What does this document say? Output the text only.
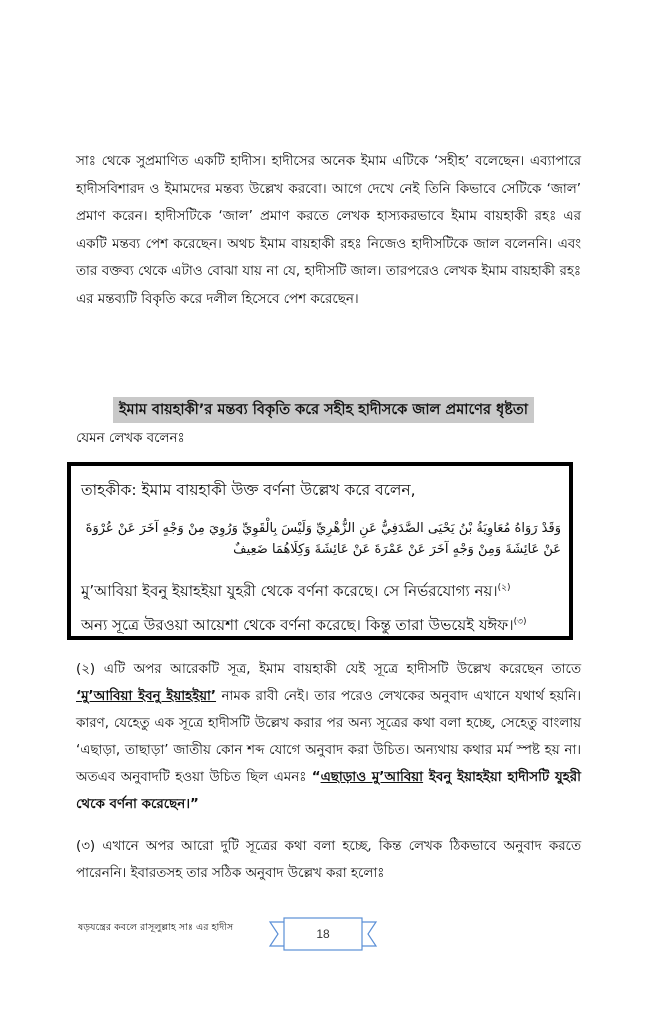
সাঃ থেকে সুপ্রমাণিত একটি হাদীস। হাদীসের অনেক ইমাম এটিকে ‘সহীহ’ বলেছেন। এব্যাপারে হাদীসবিশারদ ও ইমামদের মন্তব্য উল্লেখ করবো। আগে দেখে নেই তিনি কিভাবে সেটিকে ‘জাল’ প্রমাণ করেন। হাদীসটিকে ‘জাল’ প্রমাণ করতে লেখক হাস্যকরভাবে ইমাম বায়হাকী রহঃ এর একটি মন্তব্য পেশ করেছেন। অথচ ইমাম বায়হাকী রহঃ নিজেও হাদীসটিকে জাল বলেননি। এবং তার বক্তব্য থেকে এটাও বোঝা যায় না যে, হাদীসটি জাল। তারপরেও লেখক ইমাম বায়হাকী রহঃ এর মন্তব্যটি বিকৃতি করে দলীল হিসেবে পেশ করেছেন।
ইমাম বায়হাকী’র মন্তব্য বিকৃতি করে সহীহ হাদীসকে জাল প্রমাণের ধৃষ্টতা
যেমন লেখক বলেনঃ
তাহকীক: ইমাম বায়হাকী উক্ত বর্ণনা উল্লেখ করে বলেন,
وَقَدْ رَوَاهُ مُعَاوِيَةُ بْنُ يَحْيَى الصَّدَفِيُّ عَنِ الزُّهْرِيِّ وَلَيْسَ بِالْقَوِيِّ وَرُوِيَ مِنْ وَجْهٍ آخَرَ عَنْ عُرْوَةَ عَنْ عَائِشَةَ وَمِنْ وَجْهٍ آخَرَ عَنْ عَمْرَةَ عَنْ عَائِشَةَ وَكِلَاهُمَا ضَعِيفٌ
মু’আবিয়া ইবনু ইয়াহইয়া যুহরী থেকে বর্ণনা করেছে। সে নির্ভরযোগ্য নয়।$^{(২)}$
অন্য সূত্রে উরওয়া আয়েশা থেকে বর্ণনা করেছে। কিন্তু তারা উভয়েই যঈফ।$^{(৩)}$
(২) এটি অপর আরেকটি সূত্র, ইমাম বায়হাকী যেই সূত্রে হাদীসটি উল্লেখ করেছেন তাতে ‘মু’আবিয়া ইবনু ইয়াহইয়া’ নামক রাবী নেই। তার পরেও লেখকের অনুবাদ এখানে যথার্থ হয়নি। কারণ, যেহেতু এক সূত্রে হাদীসটি উল্লেখ করার পর অন্য সূত্রের কথা বলা হচ্ছে, সেহেতু বাংলায় ‘এছাড়া, তাছাড়া’ জাতীয় কোন শব্দ যোগে অনুবাদ করা উচিত। অন্যথায় কথার মর্ম স্পষ্ট হয় না। অতএব অনুবাদটি হওয়া উচিত ছিল এমনঃ “এছাড়াও মু’আবিয়া ইবনু ইয়াহইয়া হাদীসটি যুহরী থেকে বর্ণনা করেছেন।”
(৩) এখানে অপর আরো দুটি সূত্রের কথা বলা হচ্ছে, কিন্ত লেখক ঠিকভাবে অনুবাদ করতে পারেননি। ইবারতসহ তার সঠিক অনুবাদ উল্লেখ করা হলোঃ
ষড়যন্ত্রের কবলে রাসূলুল্লাহ সাঃ এর হাদীস	18
